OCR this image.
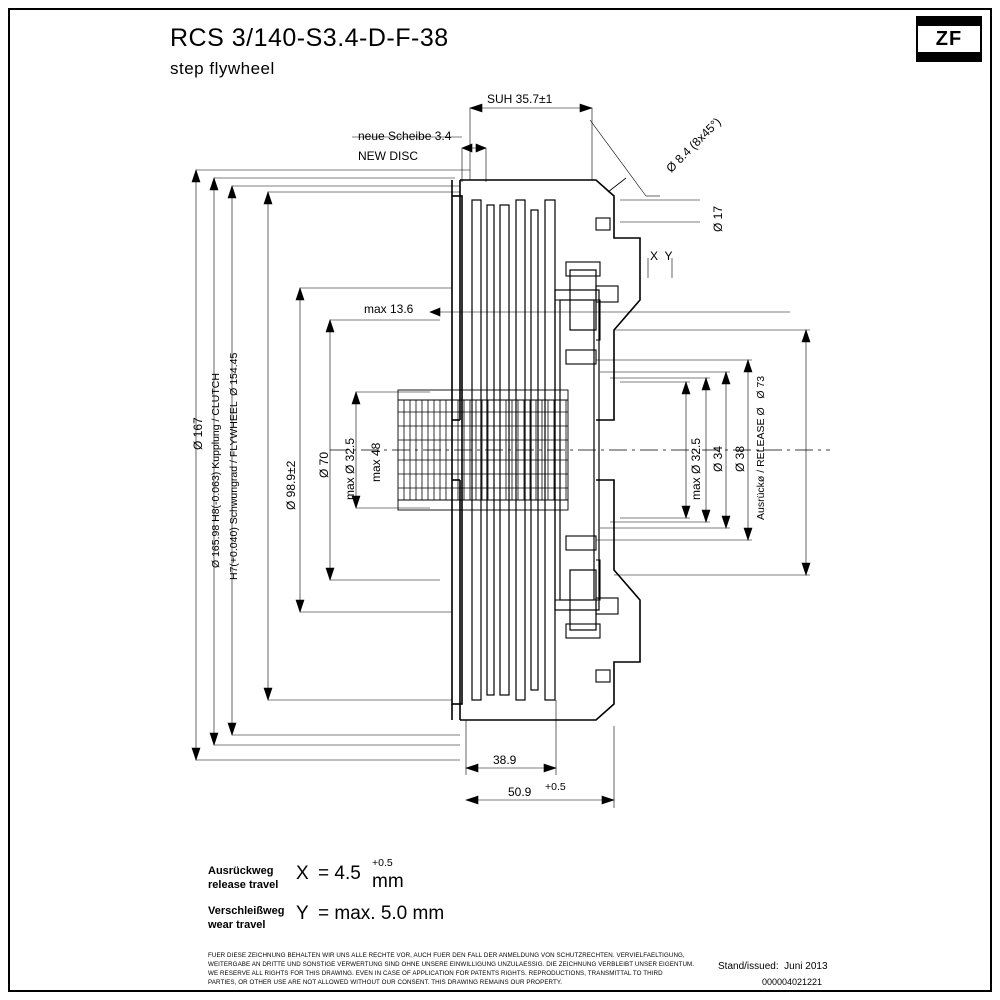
ZF
RCS 3/140-S3.4-D-F-38
step flywheel
SUH 35.7±1
neue Scheibe 3.4
NEW DISC	Ø 8.4 (8x45°)
Ø 17
X  Y
max 13.6
Ø 167 Ø 165.98 H8(-0.063) Kupplung / CLUTCH H7(+0.040) Schwungrad / FLYWHEEL  Ø 154.45	Ø 98.9±2 Ø 70 max Ø 32.5 max 48	max Ø 32.5 Ø 34 Ø 38 Ausrückø / RELEASE Ø   Ø 73
38.9
50.9 +0.5
Ausrückweg
release travel
X = 4.5 +0.5
mm
Verschleißweg
wear travel
Y = max. 5.0 mm
FUER DIESE ZEICHNUNG BEHALTEN WIR UNS ALLE RECHTE VOR, AUCH FUER DEN FALL DER ANMELDUNG VON SCHUTZRECHTEN. VERVIELFAELTIGUNG,
WEITERGABE AN DRITTE UND SONSTIGE VERWERTUNG SIND OHNE UNSERE EINWILLIGUNG UNZULAESSIG. DIE ZEICHNUNG VERBLEIBT UNSER EIGENTUM.
WE RESERVE ALL RIGHTS FOR THIS DRAWING. EVEN IN CASE OF APPLICATION FOR PATENTS RIGHTS. REPRODUCTIONS, TRANSMITTAL TO THIRD
PARTIES, OR OTHER USE ARE NOT ALLOWED WITHOUT OUR CONSENT. THIS DRAWING REMAINS OUR PROPERTY.
Stand/issued:  Juni 2013
000004021221
